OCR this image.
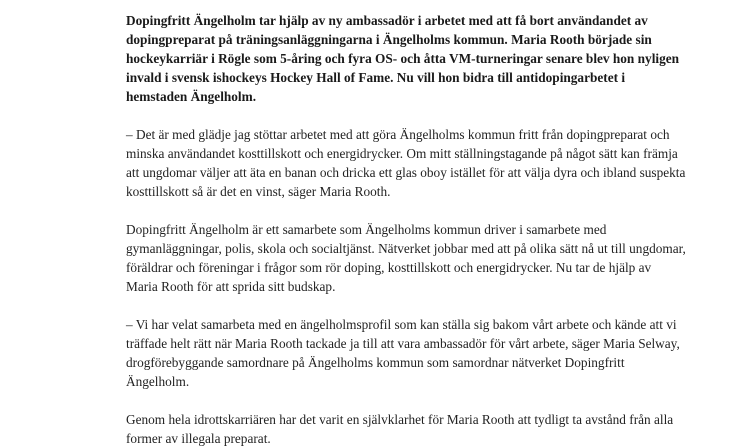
Dopingfritt Ängelholm tar hjälp av ny ambassadör i arbetet med att få bort användandet av dopingpreparat på träningsanläggningarna i Ängelholms kommun. Maria Rooth började sin hockeykarriär i Rögle som 5-åring och fyra OS- och åtta VM-turneringar senare blev hon nyligen invald i svensk ishockeys Hockey Hall of Fame. Nu vill hon bidra till antidopingarbetet i hemstaden Ängelholm.

– Det är med glädje jag stöttar arbetet med att göra Ängelholms kommun fritt från dopingpreparat och minska användandet kosttillskott och energidrycker. Om mitt ställningstagande på något sätt kan främja att ungdomar väljer att äta en banan och dricka ett glas oboy istället för att välja dyra och ibland suspekta kosttillskott så är det en vinst, säger Maria Rooth.

Dopingfritt Ängelholm är ett samarbete som Ängelholms kommun driver i samarbete med gymanläggningar, polis, skola och socialtjänst. Nätverket jobbar med att på olika sätt nå ut till ungdomar, föräldrar och föreningar i frågor som rör doping, kosttillskott och energidrycker. Nu tar de hjälp av Maria Rooth för att sprida sitt budskap.

– Vi har velat samarbeta med en ängelholmsprofil som kan ställa sig bakom vårt arbete och kände att vi träffade helt rätt när Maria Rooth tackade ja till att vara ambassadör för vårt arbete, säger Maria Selway, drogförebyggande samordnare på Ängelholms kommun som samordnar nätverket Dopingfritt Ängelholm.

Genom hela idrottskarriären har det varit en självklarhet för Maria Rooth att tydligt ta avstånd från alla former av illegala preparat.
